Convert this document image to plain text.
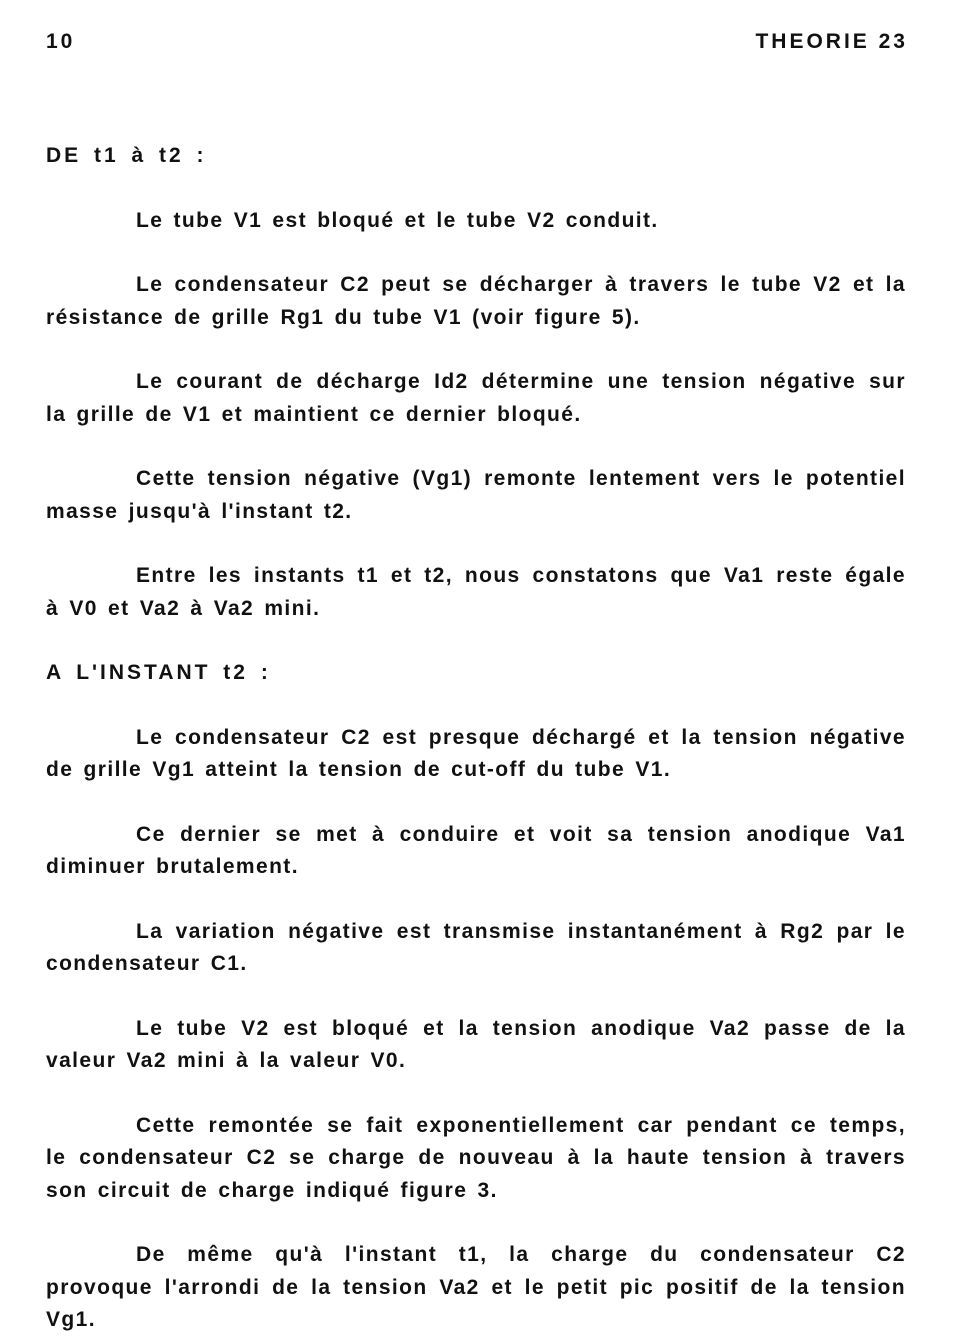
10	THEORIE 23

DE t1 à t2 :

Le tube V1 est bloqué et le tube V2 conduit.

Le condensateur C2 peut se décharger à travers le tube V2 et la résistance de grille Rg1 du tube V1 (voir figure 5).

Le courant de décharge Id2 détermine une tension négative sur la grille de V1 et maintient ce dernier bloqué.

Cette tension négative (Vg1) remonte lentement vers le potentiel masse jusqu'à l'instant t2.

Entre les instants t1 et t2, nous constatons que Va1 reste égale à V0 et Va2 à Va2 mini.

A L'INSTANT t2 :

Le condensateur C2 est presque déchargé et la tension négative de grille Vg1 atteint la tension de cut-off du tube V1.

Ce dernier se met à conduire et voit sa tension anodique Va1 diminuer brutalement.

La variation négative est transmise instantanément à Rg2 par le condensateur C1.

Le tube V2 est bloqué et la tension anodique Va2 passe de la valeur Va2 mini à la valeur V0.

Cette remontée se fait exponentiellement car pendant ce temps, le condensateur C2 se charge de nouveau à la haute tension à travers son circuit de charge indiqué figure 3.

De même qu'à l'instant t1, la charge du condensateur C2 provoque l'arrondi de la tension Va2 et le petit pic positif de la tension Vg1.
